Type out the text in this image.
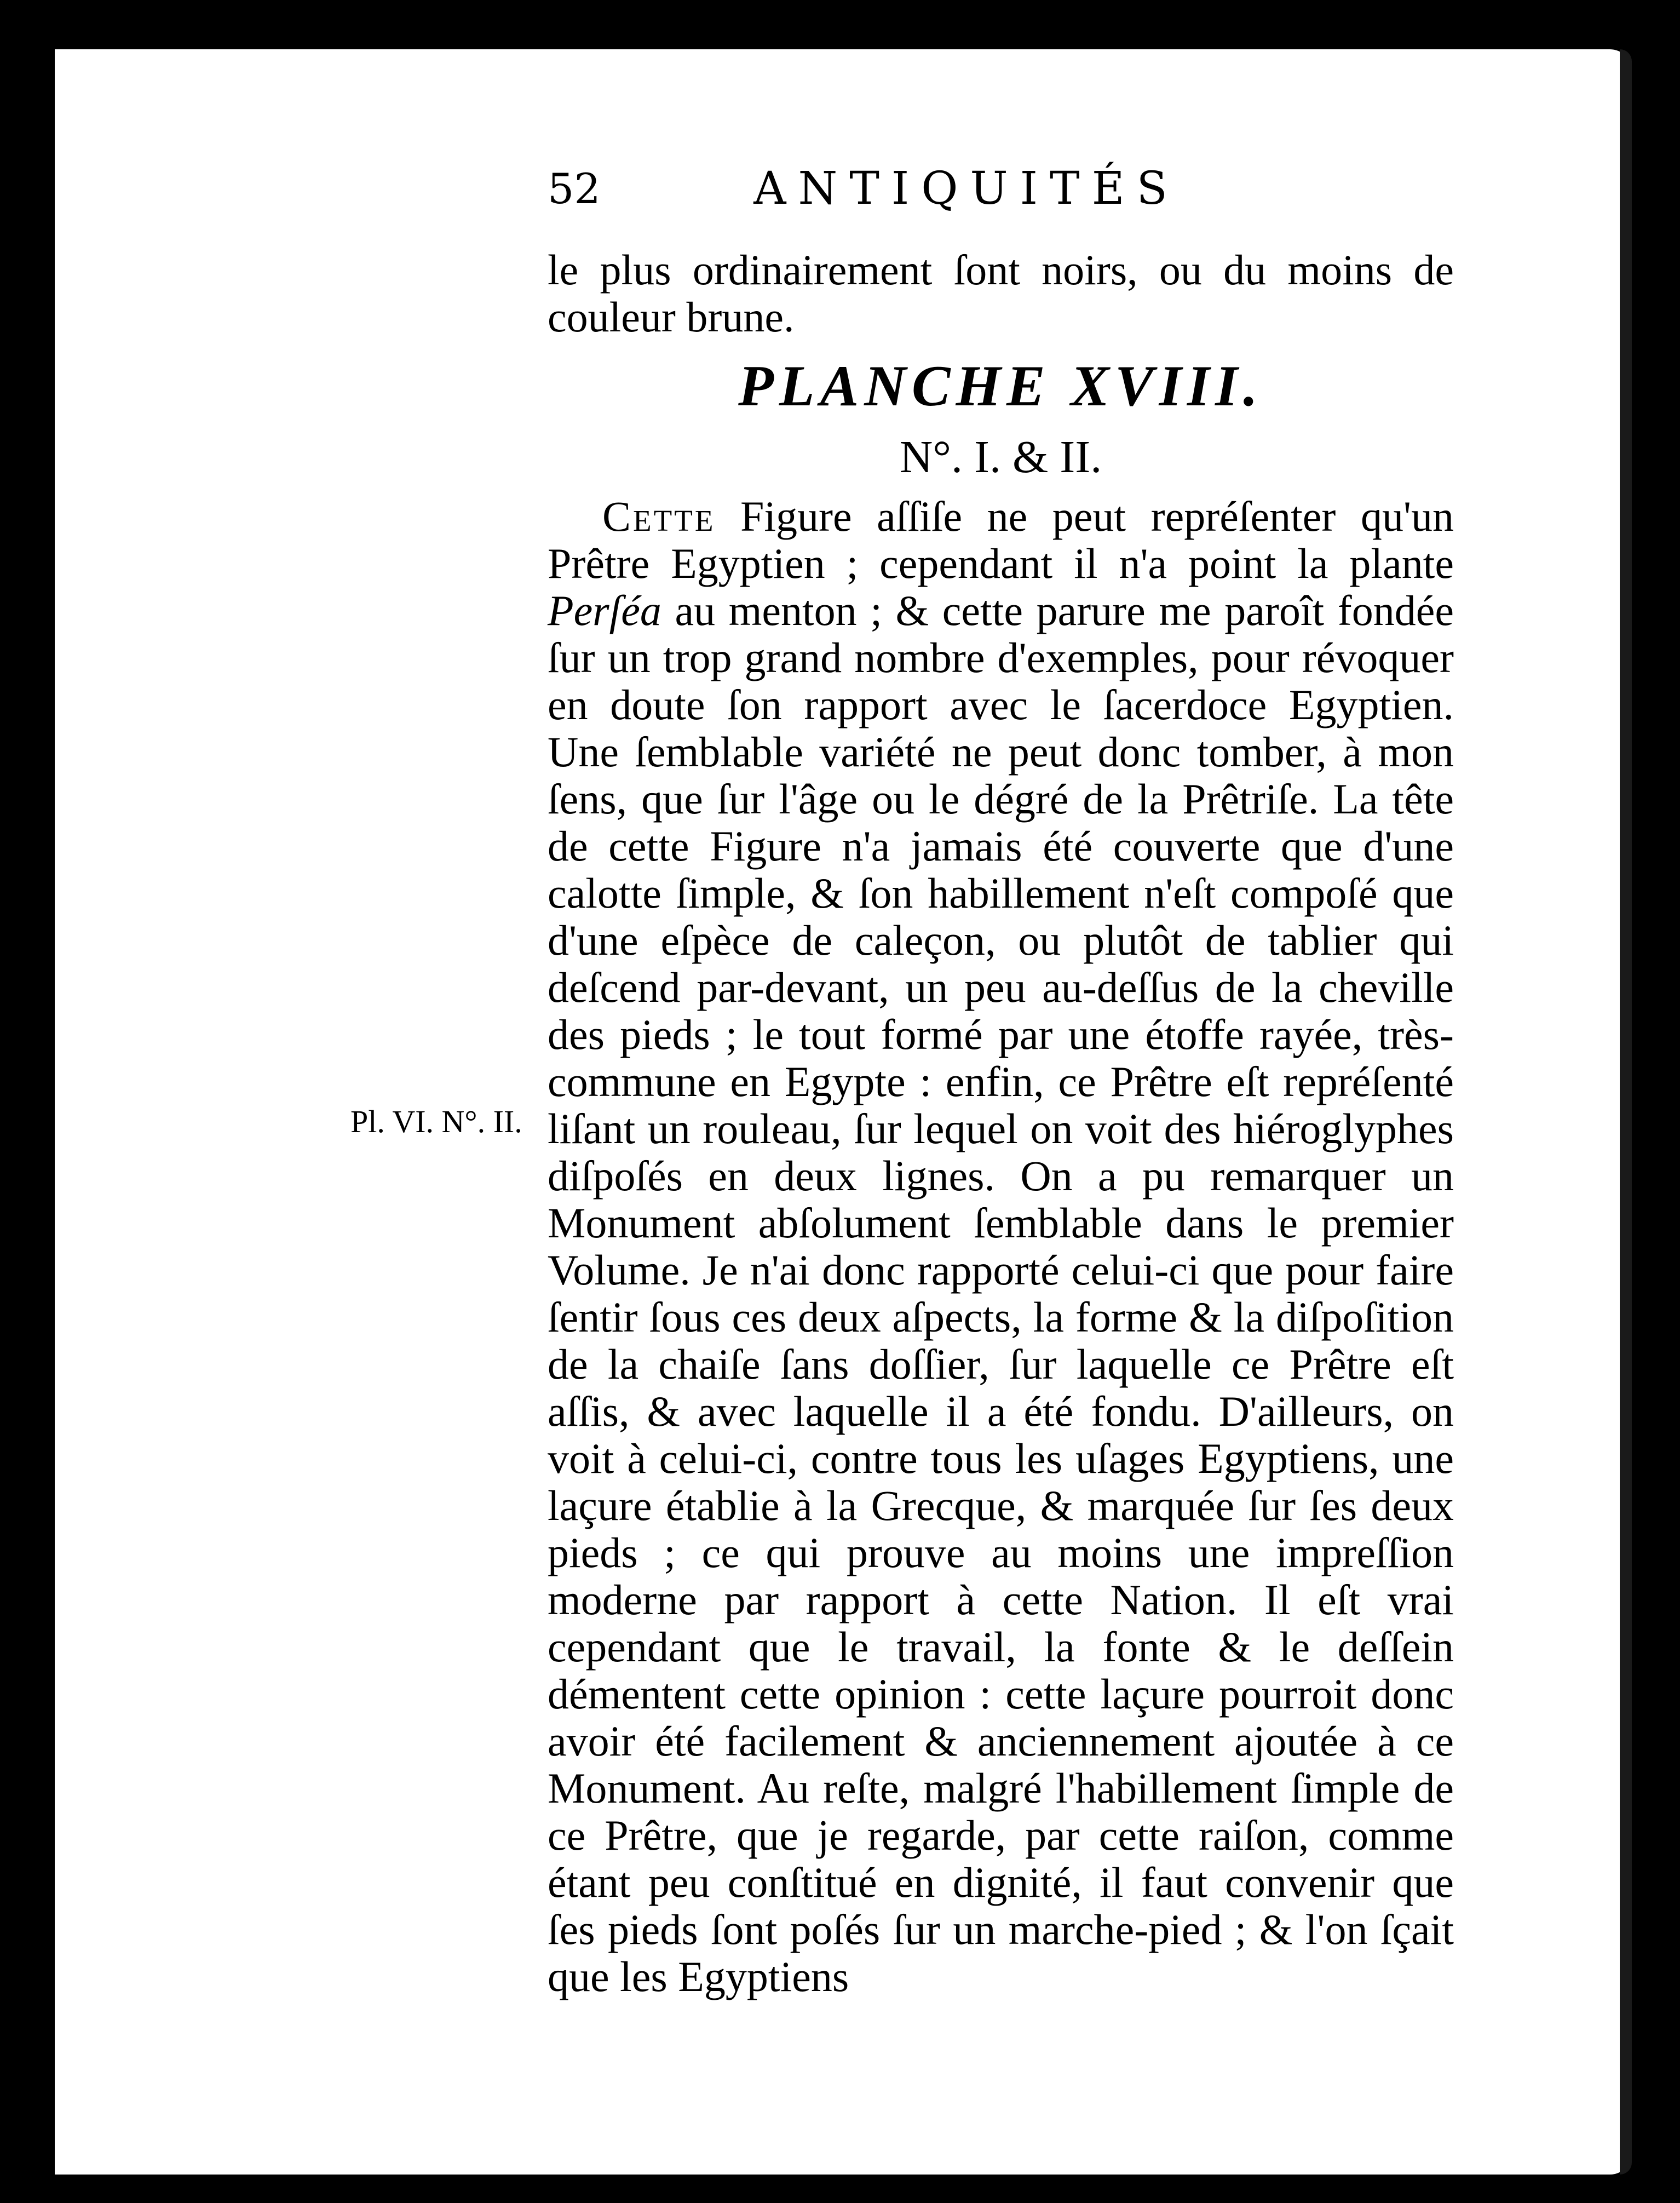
52	ANTIQUITÉS
le plus ordinairement ſont noirs, ou du moins de couleur brune.
PLANCHE XVIII.
N°. I. & II.

Cette Figure aſſiſe ne peut repréſenter qu'un Prêtre Egyptien ; cependant il n'a point la plante Perſéa au menton ; & cette parure me paroît fondée ſur un trop grand nombre d'exemples, pour révoquer en doute ſon rapport avec le ſacerdoce Egyptien. Une ſemblable variété ne peut donc tomber, à mon ſens, que ſur l'âge ou le dégré de la Prêtriſe. La tête de cette Figure n'a jamais été couverte que d'une calotte ſimple, & ſon habillement n'eſt compoſé que d'une eſpèce de caleçon, ou plutôt de tablier qui deſcend par-devant, un peu au-deſſus de la cheville des pieds ; le tout formé par une étoffe rayée, très-commune en Egypte : enfin, ce Prêtre eſt repréſenté liſant un rouleau, ſur lequel on voit des hiéroglyphes diſpoſés en deux lignes. On a pu remarquer un Monument abſolument ſemblable dans le premier Volume. Je n'ai donc rapporté celui-ci que pour faire ſentir ſous ces deux aſpects, la forme & la diſpoſition de la chaiſe ſans doſſier, ſur laquelle ce Prêtre eſt aſſis, & avec laquelle il a été fondu. D'ailleurs, on voit à celui-ci, contre tous les uſages Egyptiens, une laçure établie à la Grecque, & marquée ſur ſes deux pieds ; ce qui prouve au moins une impreſſion moderne par rapport à cette Nation. Il eſt vrai cependant que le travail, la fonte & le deſſein démentent cette opinion : cette laçure pourroit donc avoir été facilement & anciennement ajoutée à ce Monument. Au reſte, malgré l'habillement ſimple de ce Prêtre, que je regarde, par cette raiſon, comme étant peu conſtitué en dignité, il faut convenir que ſes pieds ſont poſés ſur un marche-pied ; & l'on ſçait que les Egyptiens

Pl. VI. N°. II.
